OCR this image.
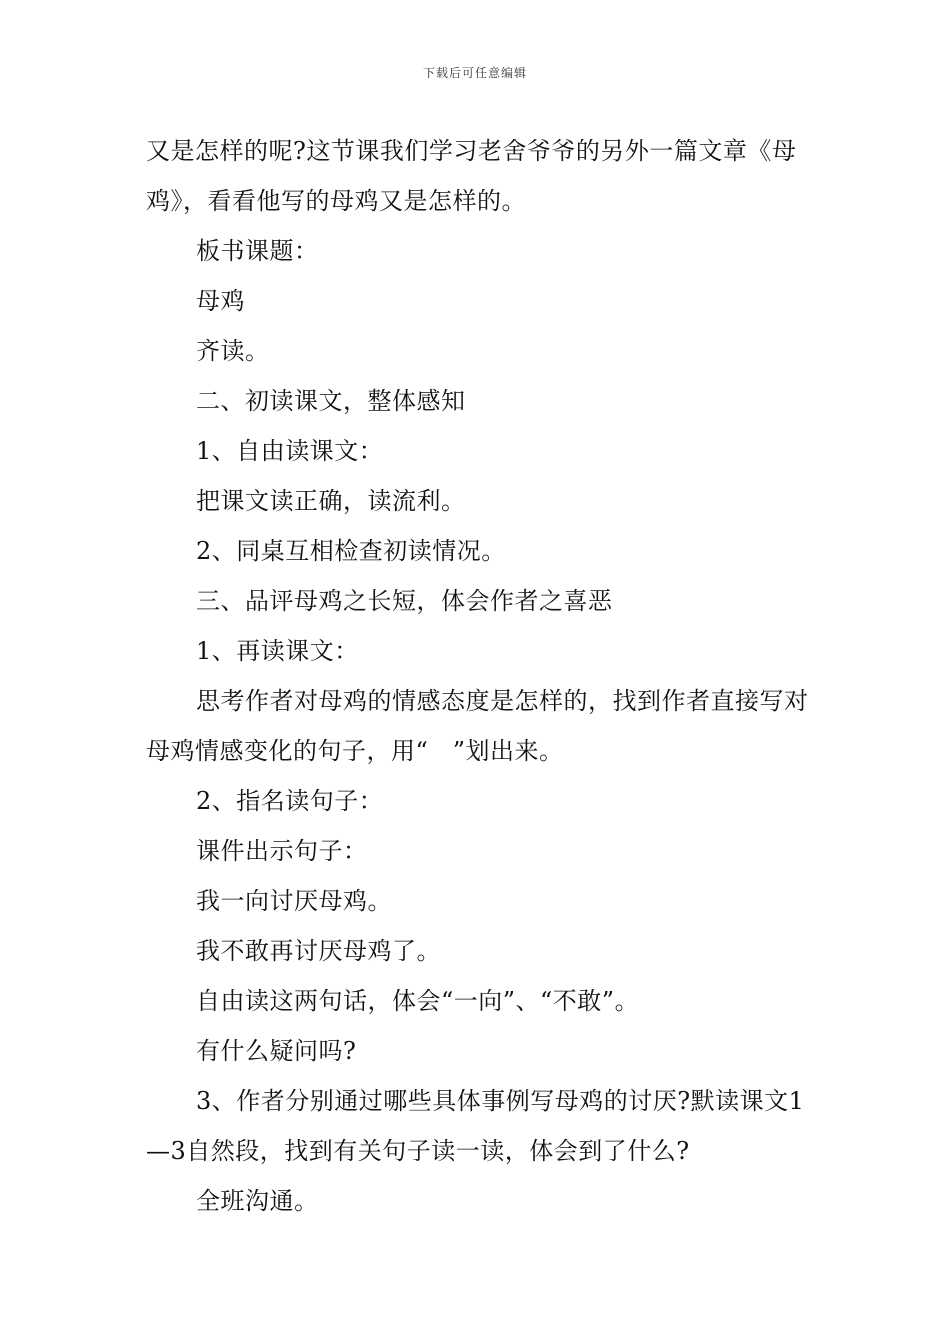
下载后可任意编辑

又是怎样的呢?这节课我们学习老舍爷爷的另外一篇文章《母鸡》，看看他写的母鸡又是怎样的。

板书课题：

母鸡

齐读。

二、初读课文，整体感知

1、自由读课文：

把课文读正确，读流利。

2、同桌互相检查初读情况。

三、品评母鸡之长短，体会作者之喜恶

1、再读课文：

思考作者对母鸡的情感态度是怎样的，找到作者直接写对母鸡情感变化的句子，用“　”划出来。

2、指名读句子：

课件出示句子：

我一向讨厌母鸡。

我不敢再讨厌母鸡了。

自由读这两句话，体会“一向”、“不敢”。

有什么疑问吗?

3、作者分别通过哪些具体事例写母鸡的讨厌?默读课文1—3自然段，找到有关句子读一读，体会到了什么?

全班沟通。
